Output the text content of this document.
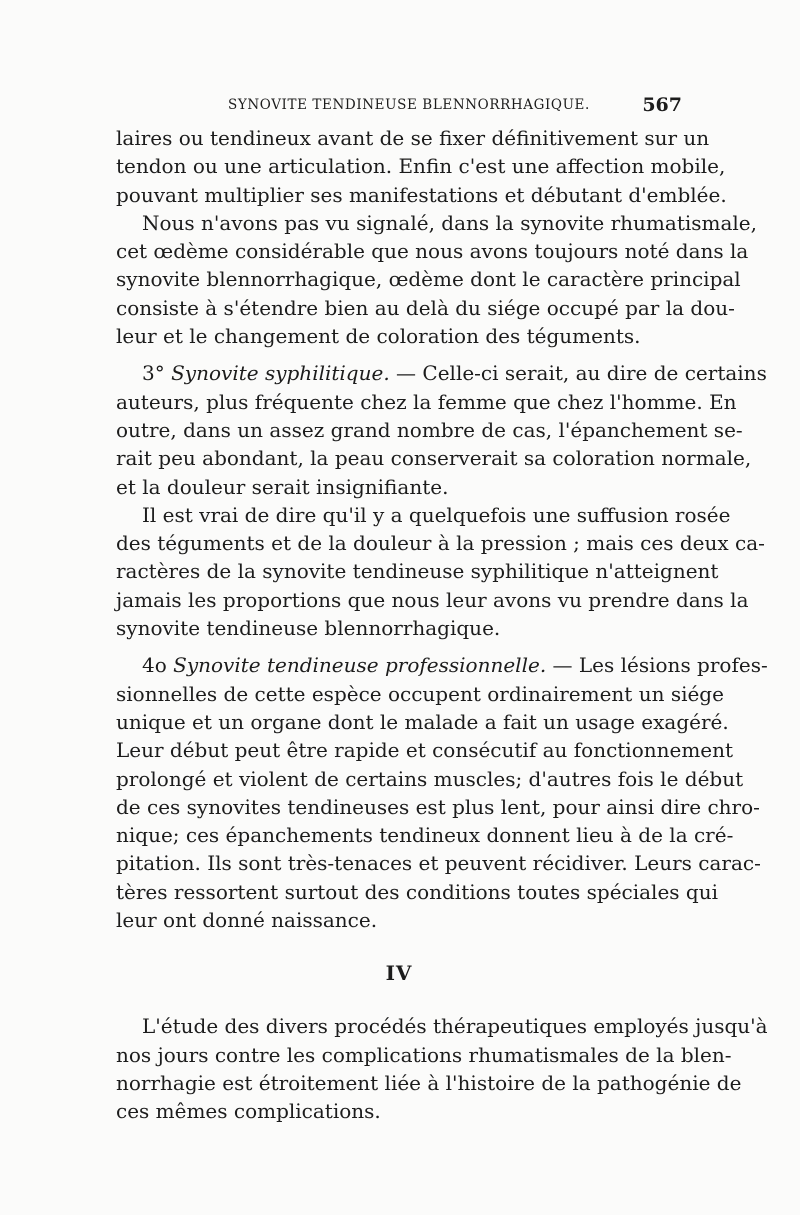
SYNOVITE TENDINEUSE BLENNORRHAGIQUE.	567
laires ou tendineux avant de se fixer définitivement sur un
tendon ou une articulation. Enfin c'est une affection mobile,
pouvant multiplier ses manifestations et débutant d'emblée.
Nous n'avons pas vu signalé, dans la synovite rhumatismale,
cet œdème considérable que nous avons toujours noté dans la
synovite blennorrhagique, œdème dont le caractère principal
consiste à s'étendre bien au delà du siége occupé par la dou-
leur et le changement de coloration des téguments.
3° Synovite syphilitique. — Celle-ci serait, au dire de certains
auteurs, plus fréquente chez la femme que chez l'homme. En
outre, dans un assez grand nombre de cas, l'épanchement se-
rait peu abondant, la peau conserverait sa coloration normale,
et la douleur serait insignifiante.
Il est vrai de dire qu'il y a quelquefois une suffusion rosée
des téguments et de la douleur à la pression ; mais ces deux ca-
ractères de la synovite tendineuse syphilitique n'atteignent
jamais les proportions que nous leur avons vu prendre dans la
synovite tendineuse blennorrhagique.
4o Synovite tendineuse professionnelle. — Les lésions profes-
sionnelles de cette espèce occupent ordinairement un siége
unique et un organe dont le malade a fait un usage exagéré.
Leur début peut être rapide et consécutif au fonctionnement
prolongé et violent de certains muscles; d'autres fois le début
de ces synovites tendineuses est plus lent, pour ainsi dire chro-
nique; ces épanchements tendineux donnent lieu à de la cré-
pitation. Ils sont très-tenaces et peuvent récidiver. Leurs carac-
tères ressortent surtout des conditions toutes spéciales qui
leur ont donné naissance.
IV
L'étude des divers procédés thérapeutiques employés jusqu'à
nos jours contre les complications rhumatismales de la blen-
norrhagie est étroitement liée à l'histoire de la pathogénie de
ces mêmes complications.
